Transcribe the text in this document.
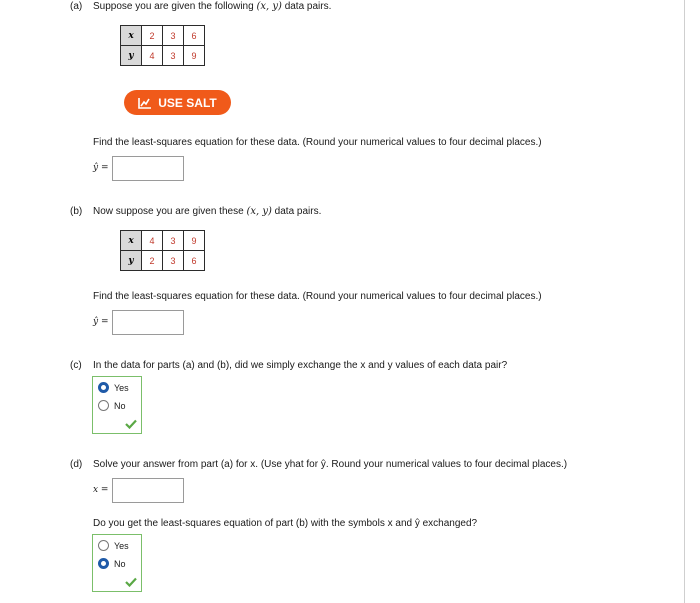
(a) Suppose you are given the following (x, y) data pairs.
x	2	3	6
y	4	3	9
USE SALT
Find the least-squares equation for these data. (Round your numerical values to four decimal places.)
ŷ =
(b) Now suppose you are given these (x, y) data pairs.
x	4	3	9
y	2	3	6
Find the least-squares equation for these data. (Round your numerical values to four decimal places.)
ŷ =
(c) In the data for parts (a) and (b), did we simply exchange the x and y values of each data pair?
Yes
No
(d) Solve your answer from part (a) for x. (Use yhat for ŷ. Round your numerical values to four decimal places.)
x =
Do you get the least-squares equation of part (b) with the symbols x and ŷ exchanged?
Yes
No
